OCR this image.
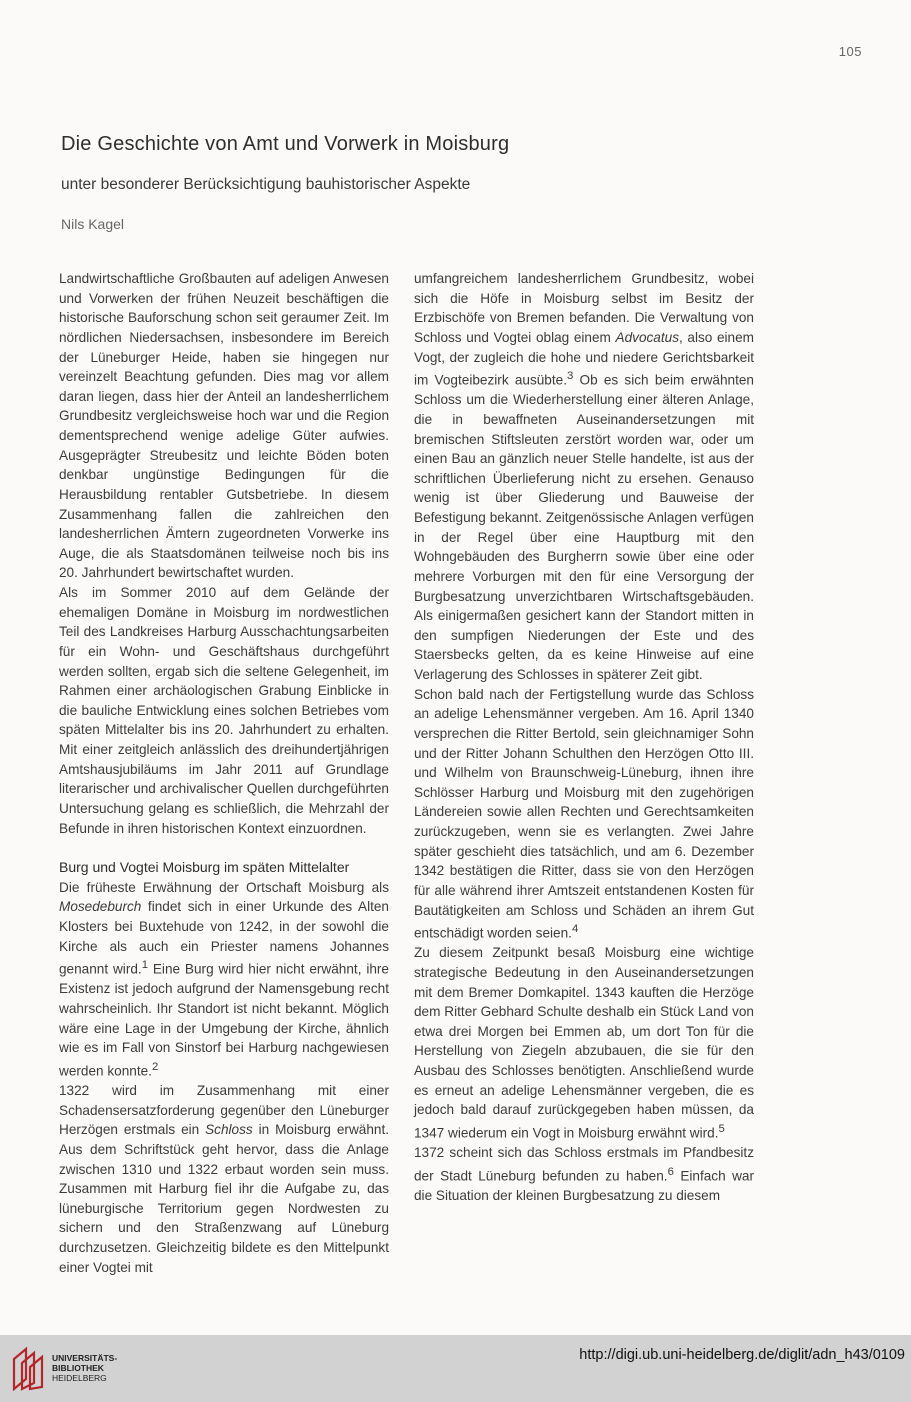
105
Die Geschichte von Amt und Vorwerk in Moisburg
unter besonderer Berücksichtigung bauhistorischer Aspekte
Nils Kagel

Landwirtschaftliche Großbauten auf adeligen Anwesen und Vorwerken der frühen Neuzeit beschäftigen die historische Bauforschung schon seit geraumer Zeit. Im nördlichen Niedersachsen, insbesondere im Bereich der Lüneburger Heide, haben sie hingegen nur vereinzelt Beachtung gefunden. Dies mag vor allem daran liegen, dass hier der Anteil an landesherrlichem Grundbesitz vergleichsweise hoch war und die Region dementsprechend wenige adelige Güter aufwies. Ausgeprägter Streubesitz und leichte Böden boten denkbar ungünstige Bedingungen für die Herausbildung rentabler Gutsbetriebe. In diesem Zusammenhang fallen die zahlreichen den landesherrlichen Ämtern zugeordneten Vorwerke ins Auge, die als Staatsdomänen teilweise noch bis ins 20. Jahrhundert bewirtschaftet wurden.

Als im Sommer 2010 auf dem Gelände der ehemaligen Domäne in Moisburg im nordwestlichen Teil des Landkreises Harburg Ausschachtungsarbeiten für ein Wohn- und Geschäftshaus durchgeführt werden sollten, ergab sich die seltene Gelegenheit, im Rahmen einer archäologischen Grabung Einblicke in die bauliche Entwicklung eines solchen Betriebes vom späten Mittelalter bis ins 20. Jahrhundert zu erhalten. Mit einer zeitgleich anlässlich des dreihundertjährigen Amtshausjubiläums im Jahr 2011 auf Grundlage literarischer und archivalischer Quellen durchgeführten Untersuchung gelang es schließlich, die Mehrzahl der Befunde in ihren historischen Kontext einzuordnen.

Burg und Vogtei Moisburg im späten Mittelalter

Die früheste Erwähnung der Ortschaft Moisburg als Mosedeburch findet sich in einer Urkunde des Alten Klosters bei Buxtehude von 1242, in der sowohl die Kirche als auch ein Priester namens Johannes genannt wird.$^1$ Eine Burg wird hier nicht erwähnt, ihre Existenz ist jedoch aufgrund der Namensgebung recht wahrscheinlich. Ihr Standort ist nicht bekannt. Möglich wäre eine Lage in der Umgebung der Kirche, ähnlich wie es im Fall von Sinstorf bei Harburg nachgewiesen werden konnte.$^2$

1322 wird im Zusammenhang mit einer Schadensersatzforderung gegenüber den Lüneburger Herzögen erstmals ein Schloss in Moisburg erwähnt. Aus dem Schriftstück geht hervor, dass die Anlage zwischen 1310 und 1322 erbaut worden sein muss. Zusammen mit Harburg fiel ihr die Aufgabe zu, das lüneburgische Territorium gegen Nordwesten zu sichern und den Straßenzwang auf Lüneburg durchzusetzen. Gleichzeitig bildete es den Mittelpunkt einer Vogtei mit

umfangreichem landesherrlichem Grundbesitz, wobei sich die Höfe in Moisburg selbst im Besitz der Erzbischöfe von Bremen befanden. Die Verwaltung von Schloss und Vogtei oblag einem Advocatus, also einem Vogt, der zugleich die hohe und niedere Gerichtsbarkeit im Vogteibezirk ausübte.$^3$ Ob es sich beim erwähnten Schloss um die Wiederherstellung einer älteren Anlage, die in bewaffneten Auseinandersetzungen mit bremischen Stiftsleuten zerstört worden war, oder um einen Bau an gänzlich neuer Stelle handelte, ist aus der schriftlichen Überlieferung nicht zu ersehen. Genauso wenig ist über Gliederung und Bauweise der Befestigung bekannt. Zeitgenössische Anlagen verfügen in der Regel über eine Hauptburg mit den Wohngebäuden des Burgherrn sowie über eine oder mehrere Vorburgen mit den für eine Versorgung der Burgbesatzung unverzichtbaren Wirtschaftsgebäuden. Als einigermaßen gesichert kann der Standort mitten in den sumpfigen Niederungen der Este und des Staersbecks gelten, da es keine Hinweise auf eine Verlagerung des Schlosses in späterer Zeit gibt.

Schon bald nach der Fertigstellung wurde das Schloss an adelige Lehensmänner vergeben. Am 16. April 1340 versprechen die Ritter Bertold, sein gleichnamiger Sohn und der Ritter Johann Schulthen den Herzögen Otto III. und Wilhelm von Braunschweig-Lüneburg, ihnen ihre Schlösser Harburg und Moisburg mit den zugehörigen Ländereien sowie allen Rechten und Gerechtsamkeiten zurückzugeben, wenn sie es verlangten. Zwei Jahre später geschieht dies tatsächlich, und am 6. Dezember 1342 bestätigen die Ritter, dass sie von den Herzögen für alle während ihrer Amtszeit entstandenen Kosten für Bautätigkeiten am Schloss und Schäden an ihrem Gut entschädigt worden seien.$^4$

Zu diesem Zeitpunkt besaß Moisburg eine wichtige strategische Bedeutung in den Auseinandersetzungen mit dem Bremer Domkapitel. 1343 kauften die Herzöge dem Ritter Gebhard Schulte deshalb ein Stück Land von etwa drei Morgen bei Emmen ab, um dort Ton für die Herstellung von Ziegeln abzubauen, die sie für den Ausbau des Schlosses benötigten. Anschließend wurde es erneut an adelige Lehensmänner vergeben, die es jedoch bald darauf zurückgegeben haben müssen, da 1347 wiederum ein Vogt in Moisburg erwähnt wird.$^5$

1372 scheint sich das Schloss erstmals im Pfandbesitz der Stadt Lüneburg befunden zu haben.$^6$ Einfach war die Situation der kleinen Burgbesatzung zu diesem

UNIVERSITÄTS-
BIBLIOTHEK
HEIDELBERG
http://digi.ub.uni-heidelberg.de/diglit/adn_h43/0109
